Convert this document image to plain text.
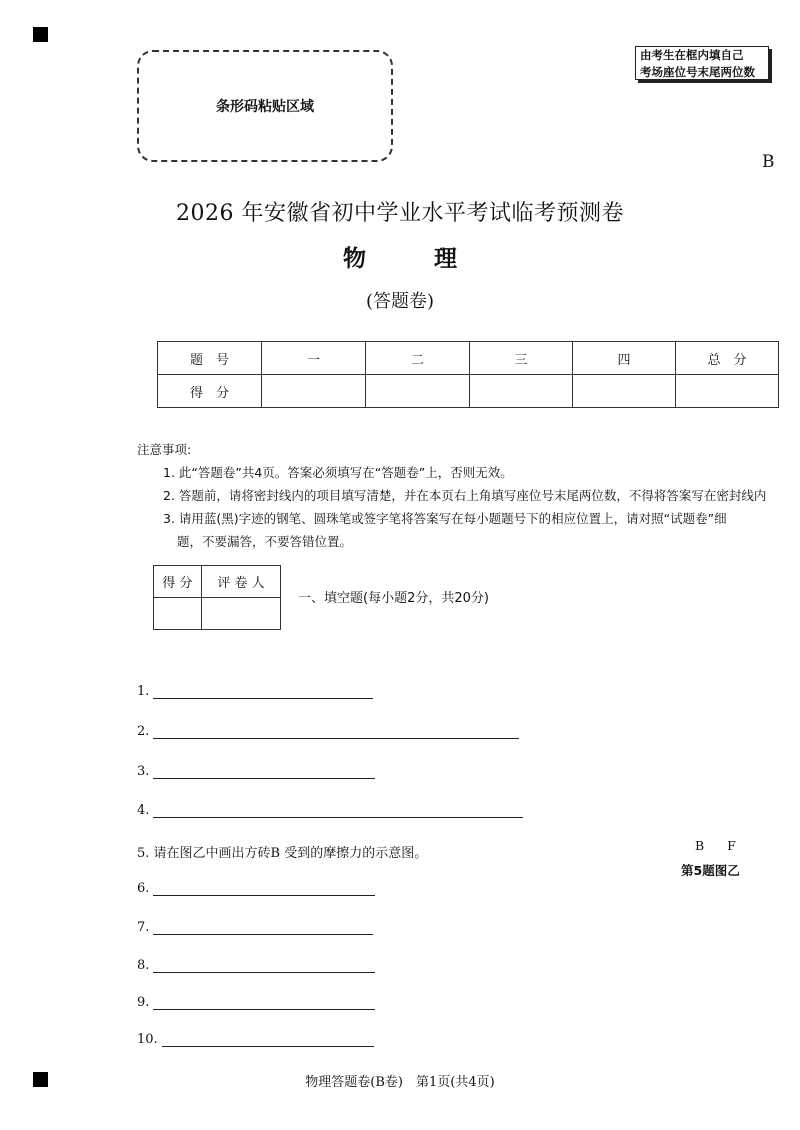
条形码粘贴区域
由考生在框内填自己
考场座位号末尾两位数
B
2026 年安徽省初中学业水平考试临考预测卷
物	理
(答题卷)
题　号	一	二	三	四	总　分
得　分					
注意事项:
1. 此“答题卷”共4页。答案必须填写在“答题卷”上，否则无效。
2. 答题前，请将密封线内的项目填写清楚，并在本页右上角填写座位号末尾两位数，不得将答案写在密封线内
3. 请用蓝(黑)字迹的钢笔、圆珠笔或签字笔将答案写在每小题题号下的相应位置上，请对照“试题卷”细
题，不要漏答，不要答错位置。
得 分	评 卷 人

一、填空题(每小题2分，共20分)
1.
2.
3.
4.
5. 请在图乙中画出方砖B 受到的摩擦力的示意图。
B F
第5题图乙
6.
7.
8.
9.
10.
物理答题卷(B卷)　第1页(共4页)
